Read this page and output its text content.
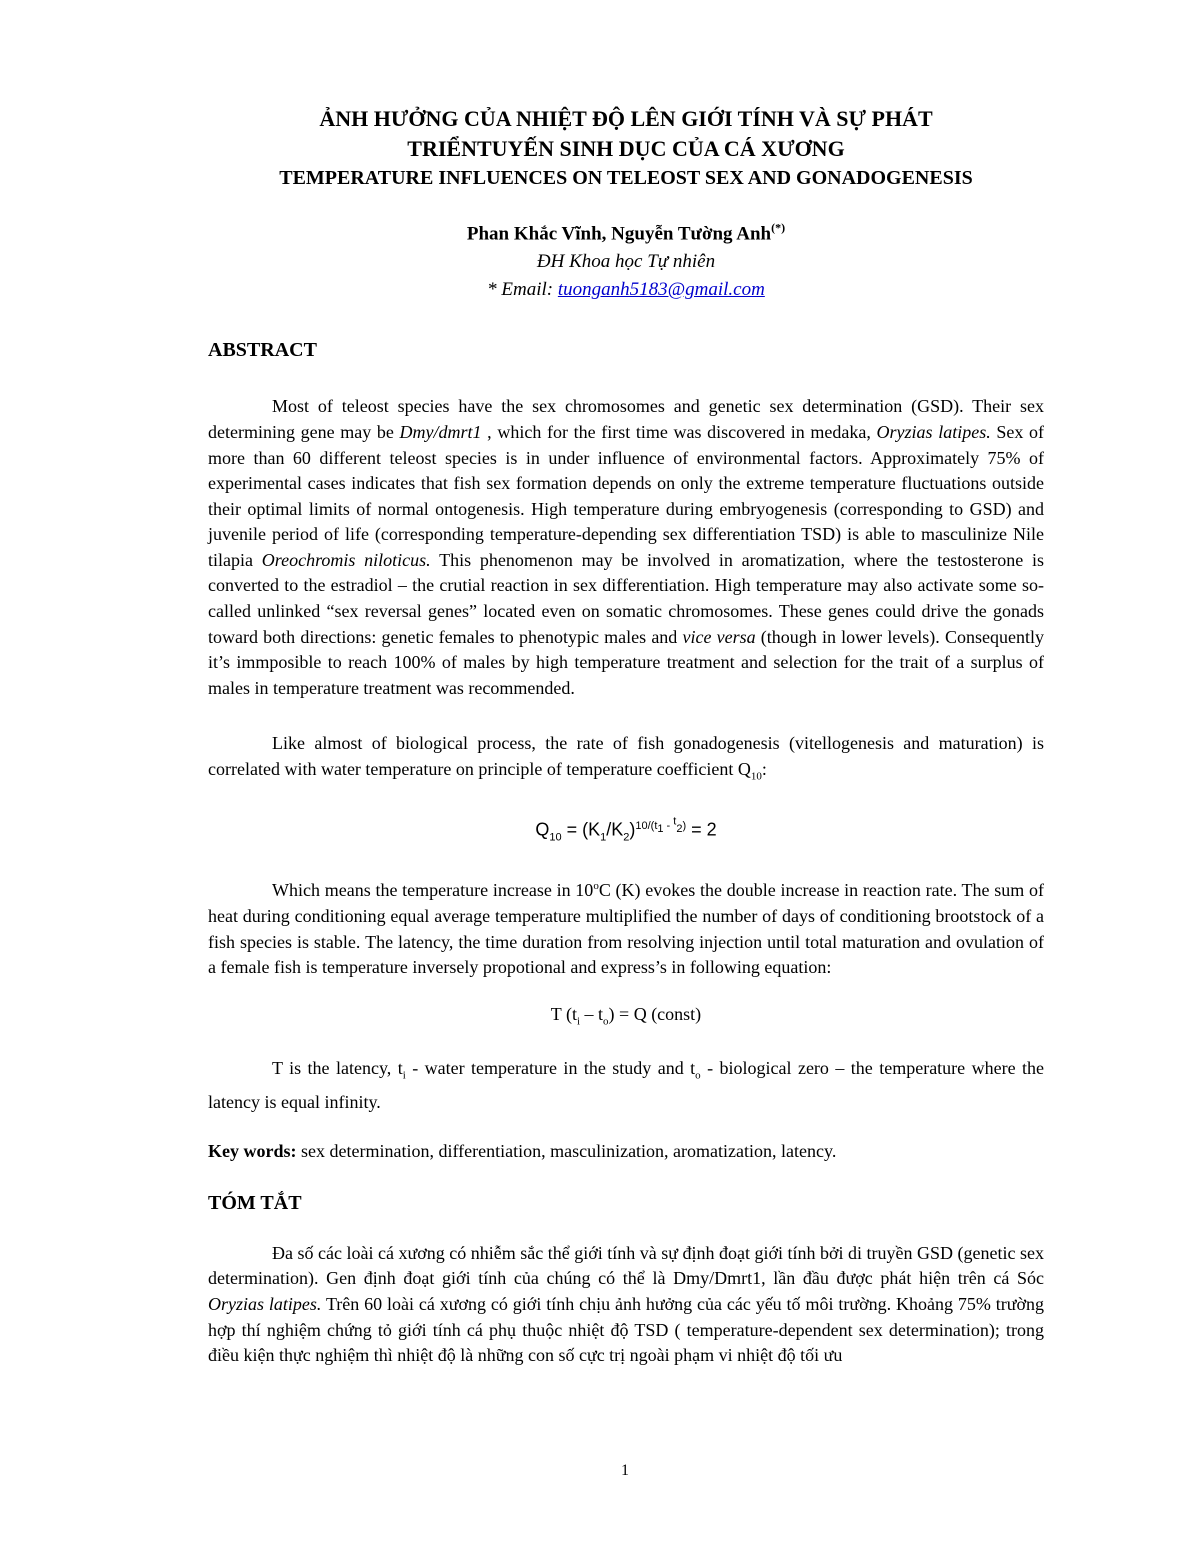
ẢNH HƯỞNG CỦA NHIỆT ĐỘ LÊN GIỚI TÍNH VÀ SỰ PHÁT

TRIỂNTUYẾN SINH DỤC CỦA CÁ XƯƠNG

TEMPERATURE INFLUENCES ON TELEOST SEX AND GONADOGENESIS

Phan Khắc Vĩnh, Nguyễn Tường Anh(*)
ĐH Khoa học Tự nhiên
* Email: tuonganh5183@gmail.com
ABSTRACT

Most of teleost species have the sex chromosomes and genetic sex determination (GSD). Their sex determining gene may be Dmy/dmrt1 , which for the first time was discovered in medaka, Oryzias latipes. Sex of more than 60 different teleost species is in under influence of environmental factors. Approximately 75% of experimental cases indicates that fish sex formation depends on only the extreme temperature fluctuations outside their optimal limits of normal ontogenesis. High temperature during embryogenesis (corresponding to GSD) and juvenile period of life (corresponding temperature-depending sex differentiation TSD) is able to masculinize Nile tilapia Oreochromis niloticus. This phenomenon may be involved in aromatization, where the testosterone is converted to the estradiol – the crutial reaction in sex differentiation. High temperature may also activate some so-called unlinked “sex reversal genes” located even on somatic chromosomes. These genes could drive the gonads toward both directions: genetic females to phenotypic males and vice versa (though in lower levels). Consequently it’s immposible to reach 100% of males by high temperature treatment and selection for the trait of a surplus of males in temperature treatment was recommended.

Like almost of biological process, the rate of fish gonadogenesis (vitellogenesis and maturation) is correlated with water temperature on principle of temperature coefficient $Q_{10}$:

$Q_{10} = (K_1/K_2)^{10/(t_1 - ^t_2)} = 2$

Which means the temperature increase in 10$^o$C (K) evokes the double increase in reaction rate. The sum of heat during conditioning equal average temperature multiplified the number of days of conditioning brootstock of a fish species is stable. The latency, the time duration from resolving injection until total maturation and ovulation of a female fish is temperature inversely propotional and express’s in following equation:

T $(t_i - t_o) = Q$ (const)

T is the latency, $t_i$ - water temperature in the study and $t_o$ - biological zero – the temperature where the latency is equal infinity.

Key words: sex determination, differentiation, masculinization, aromatization, latency.

TÓM TẮT

Đa số các loài cá xương có nhiễm sắc thể giới tính và sự định đoạt giới tính bởi di truyền GSD (genetic sex determination). Gen định đoạt giới tính của chúng có thể là Dmy/Dmrt1, lần đầu được phát hiện trên cá Sóc Oryzias latipes. Trên 60 loài cá xương có giới tính chịu ảnh hưởng của các yếu tố môi trường. Khoảng 75% trường hợp thí nghiệm chứng tỏ giới tính cá phụ thuộc nhiệt độ TSD ( temperature-dependent sex determination); trong điều kiện thực nghiệm thì nhiệt độ là những con số cực trị ngoài phạm vi nhiệt độ tối ưu

1
